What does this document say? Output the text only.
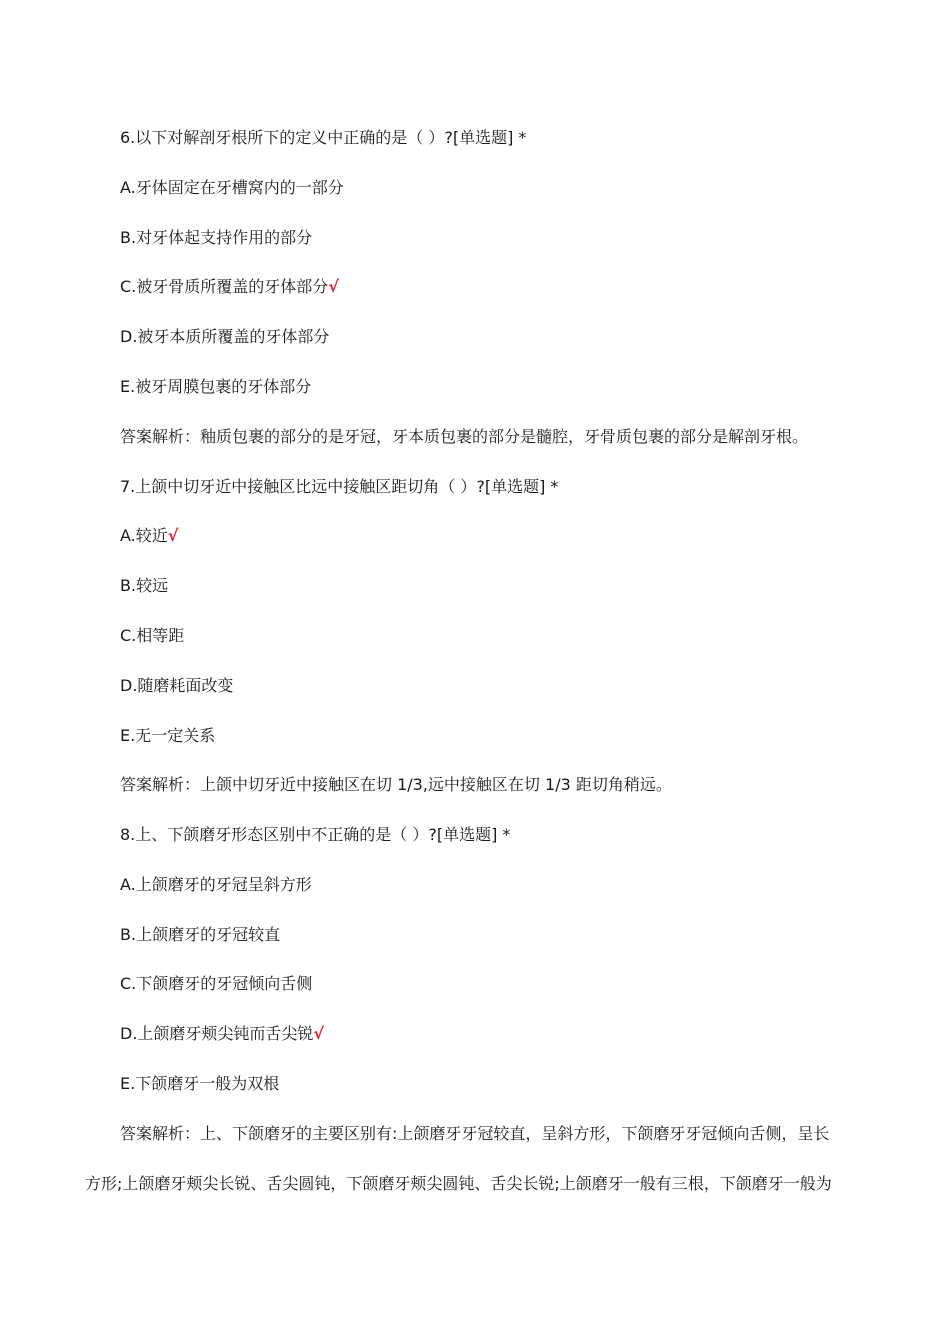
6.以下对解剖牙根所下的定义中正确的是（ ）?[单选题] *
A.牙体固定在牙槽窝内的一部分
B.对牙体起支持作用的部分
C.被牙骨质所覆盖的牙体部分√
D.被牙本质所覆盖的牙体部分
E.被牙周膜包裹的牙体部分
答案解析：釉质包裹的部分的是牙冠，牙本质包裹的部分是髓腔，牙骨质包裹的部分是解剖牙根。
7.上颌中切牙近中接触区比远中接触区距切角（ ）?[单选题] *
A.较近√
B.较远
C.相等距
D.随磨耗面改变
E.无一定关系
答案解析：上颌中切牙近中接触区在切 1/3,远中接触区在切 1/3 距切角稍远。
8.上、下颌磨牙形态区别中不正确的是（ ）?[单选题] *
A.上颌磨牙的牙冠呈斜方形
B.上颌磨牙的牙冠较直
C.下颌磨牙的牙冠倾向舌侧
D.上颌磨牙颊尖钝而舌尖锐√
E.下颌磨牙一般为双根
答案解析：上、下颌磨牙的主要区别有:上颌磨牙牙冠较直，呈斜方形，下颌磨牙牙冠倾向舌侧，呈长
方形;上颌磨牙颊尖长锐、舌尖圆钝，下颌磨牙颊尖圆钝、舌尖长锐;上颌磨牙一般有三根，下颌磨牙一般为
